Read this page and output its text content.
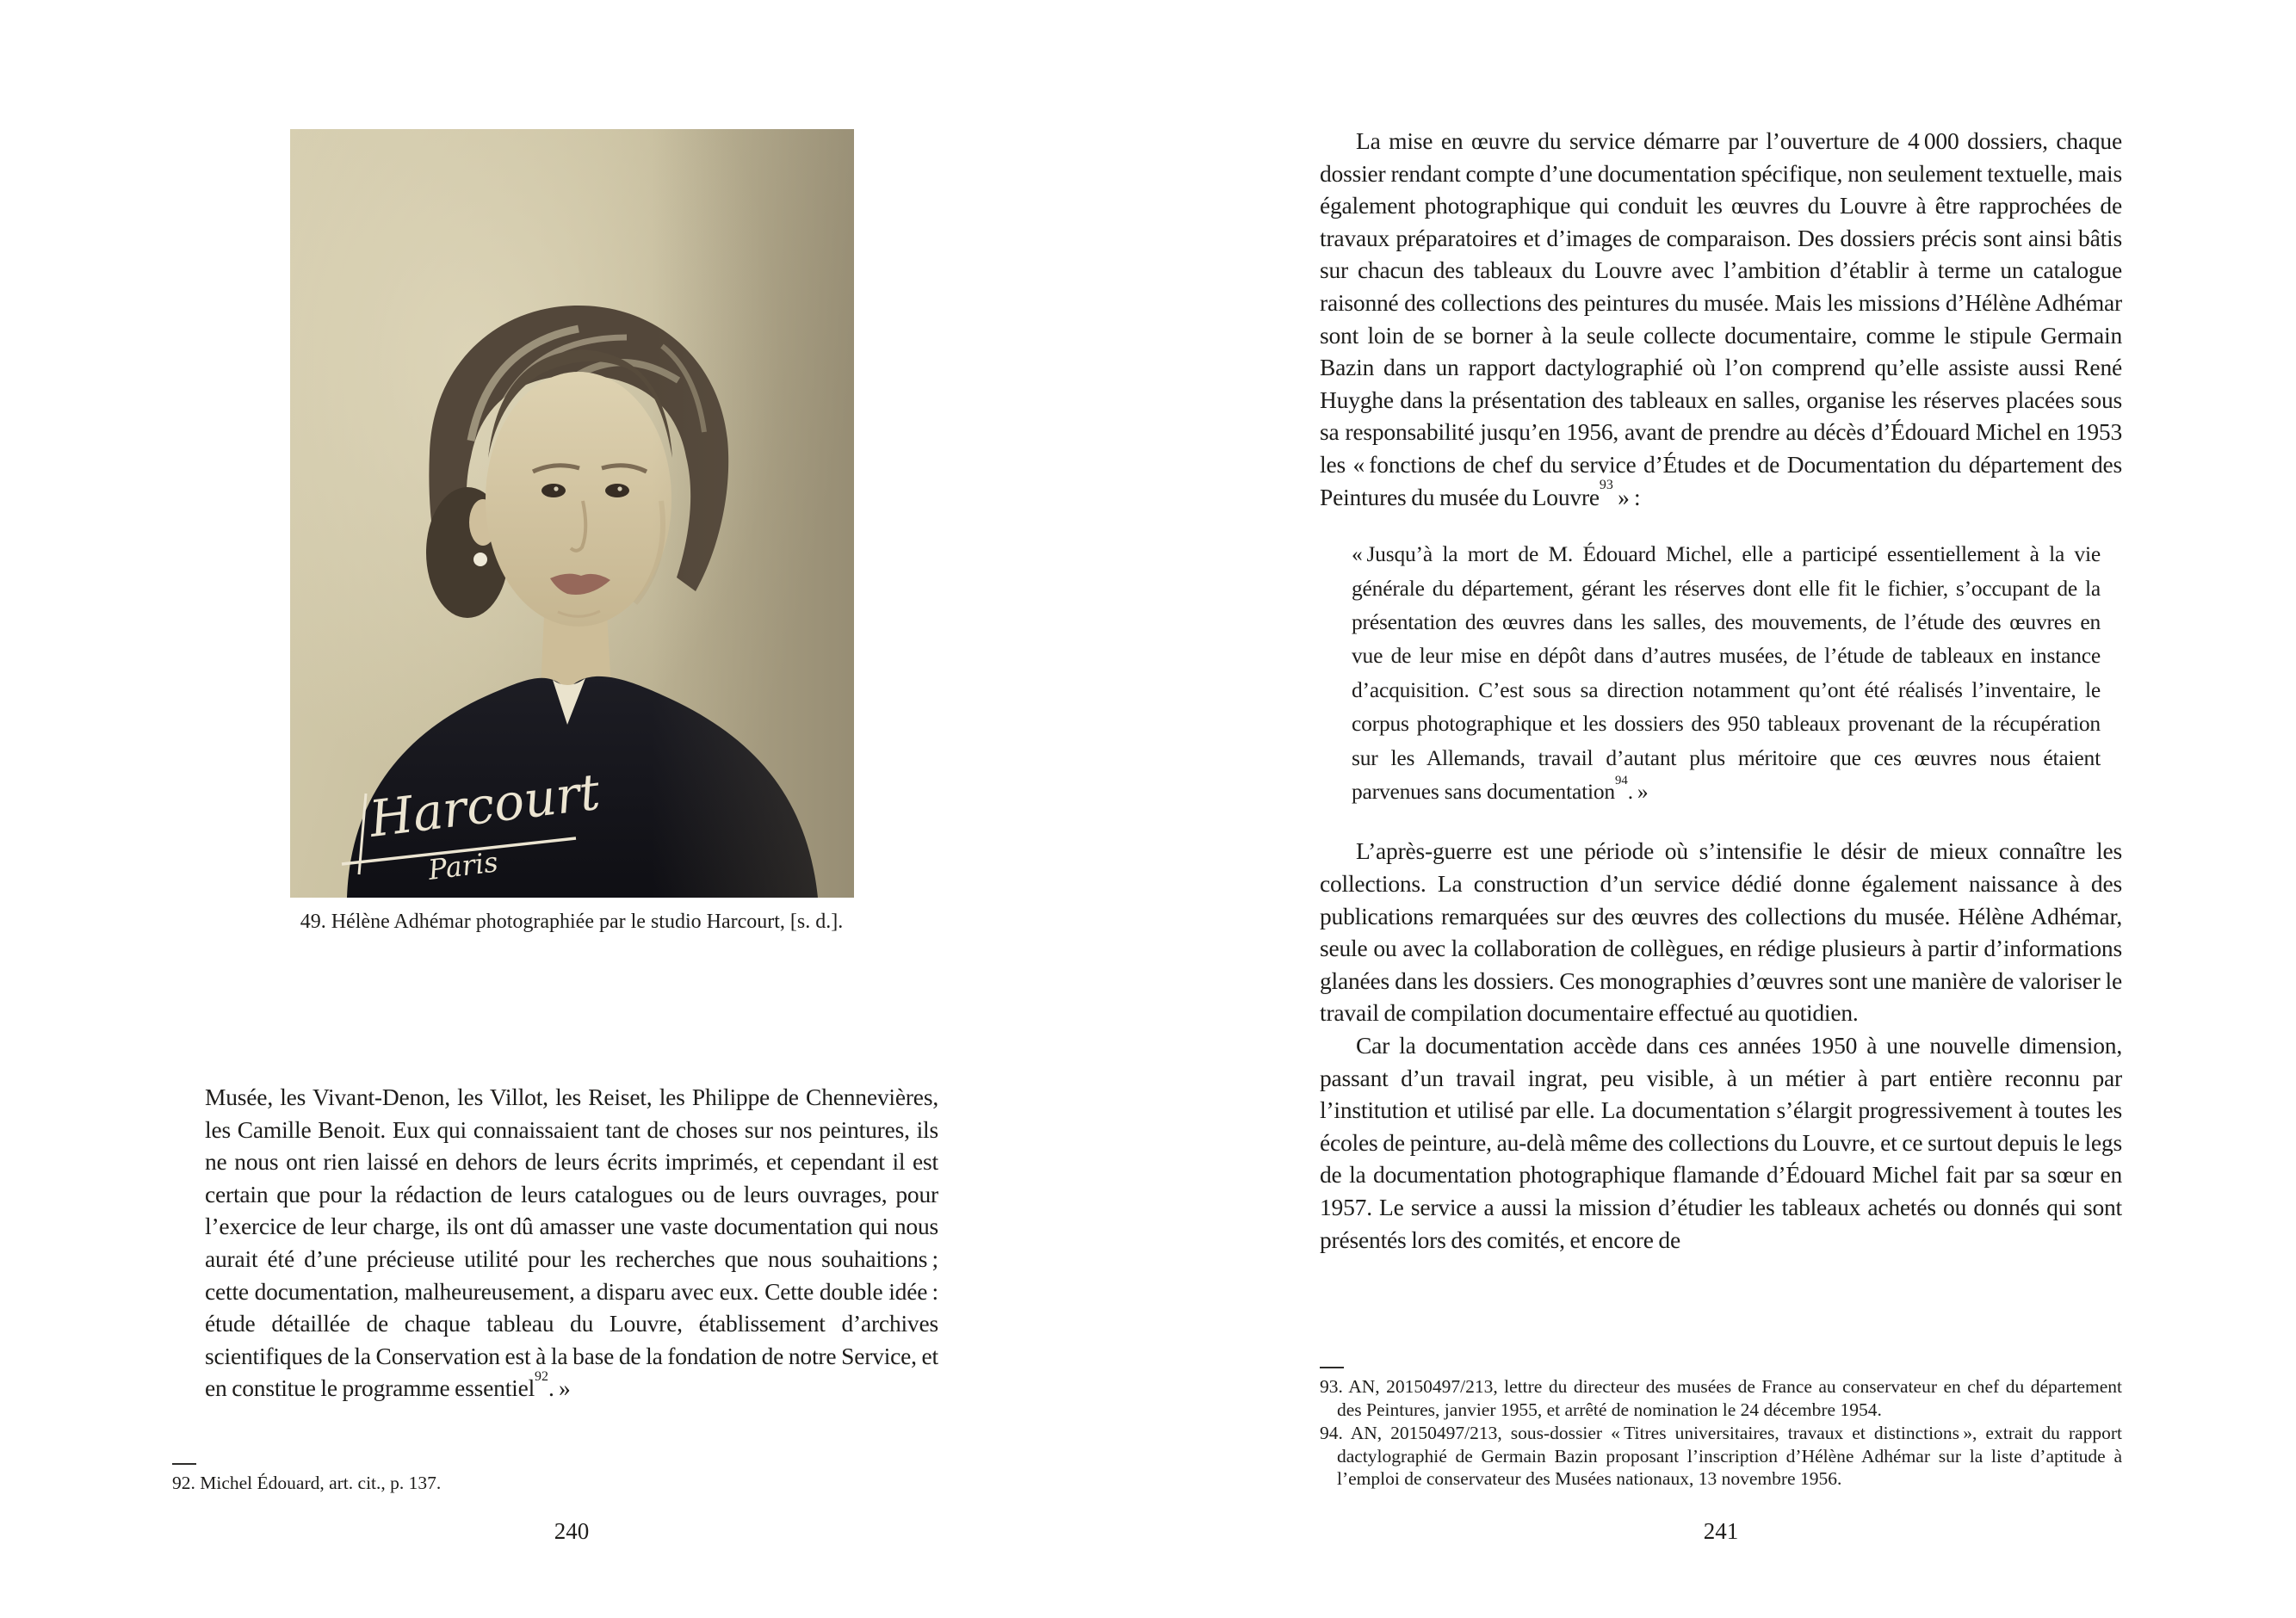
Harcourt
Paris
49. Hélène Adhémar photographiée par le studio Harcourt, [s. d.].

Musée, les Vivant-Denon, les Villot, les Reiset, les Philippe de Chennevières, les Camille Benoit. Eux qui connaissaient tant de choses sur nos peintures, ils ne nous ont rien laissé en dehors de leurs écrits imprimés, et cependant il est certain que pour la rédaction de leurs catalogues ou de leurs ouvrages, pour l’exercice de leur charge, ils ont dû amasser une vaste documentation qui nous aurait été d’une précieuse utilité pour les recherches que nous souhaitions ; cette documentation, malheureusement, a disparu avec eux. Cette double idée : étude détaillée de chaque tableau du Louvre, établissement d’archives scientifiques de la Conservation est à la base de la fondation de notre Service, et en constitue le programme essentiel$^{92}$. »

92. Michel Édouard, art. cit., p. 137.
240

La mise en œuvre du service démarre par l’ouverture de 4 000 dossiers, chaque dossier rendant compte d’une documentation spécifique, non seulement textuelle, mais également photographique qui conduit les œuvres du Louvre à être rapprochées de travaux préparatoires et d’images de comparaison. Des dossiers précis sont ainsi bâtis sur chacun des tableaux du Louvre avec l’ambition d’établir à terme un catalogue raisonné des collections des peintures du musée. Mais les missions d’Hélène Adhémar sont loin de se borner à la seule collecte documentaire, comme le stipule Germain Bazin dans un rapport dactylographié où l’on comprend qu’elle assiste aussi René Huyghe dans la présentation des tableaux en salles, organise les réserves placées sous sa responsabilité jusqu’en 1956, avant de prendre au décès d’Édouard Michel en 1953 les « fonctions de chef du service d’Études et de Documentation du département des Peintures du musée du Louvre$^{93}$ » :

« Jusqu’à la mort de M. Édouard Michel, elle a participé essentiellement à la vie générale du département, gérant les réserves dont elle fit le fichier, s’occupant de la présentation des œuvres dans les salles, des mouvements, de l’étude des œuvres en vue de leur mise en dépôt dans d’autres musées, de l’étude de tableaux en instance d’acquisition. C’est sous sa direction notamment qu’ont été réalisés l’inventaire, le corpus photographique et les dossiers des 950 tableaux provenant de la récupération sur les Allemands, travail d’autant plus méritoire que ces œuvres nous étaient parvenues sans documentation$^{94}$. »

L’après-guerre est une période où s’intensifie le désir de mieux connaître les collections. La construction d’un service dédié donne également naissance à des publications remarquées sur des œuvres des collections du musée. Hélène Adhémar, seule ou avec la collaboration de collègues, en rédige plusieurs à partir d’informations glanées dans les dossiers. Ces monographies d’œuvres sont une manière de valoriser le travail de compilation documentaire effectué au quotidien.

Car la documentation accède dans ces années 1950 à une nouvelle dimension, passant d’un travail ingrat, peu visible, à un métier à part entière reconnu par l’institution et utilisé par elle. La documentation s’élargit progressivement à toutes les écoles de peinture, au-delà même des collections du Louvre, et ce surtout depuis le legs de la documentation photographique flamande d’Édouard Michel fait par sa sœur en 1957. Le service a aussi la mission d’étudier les tableaux achetés ou donnés qui sont présentés lors des comités, et encore de

93. AN, 20150497/213, lettre du directeur des musées de France au conservateur en chef du département des Peintures, janvier 1955, et arrêté de nomination le 24 décembre 1954.
94. AN, 20150497/213, sous-dossier « Titres universitaires, travaux et distinctions », extrait du rapport dactylographié de Germain Bazin proposant l’inscription d’Hélène Adhémar sur la liste d’aptitude à l’emploi de conservateur des Musées nationaux, 13 novembre 1956.
241
